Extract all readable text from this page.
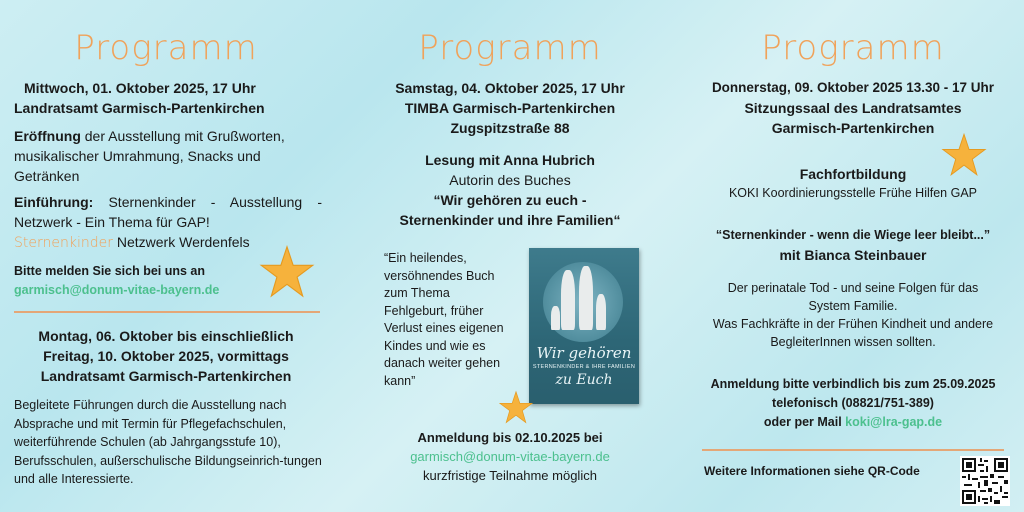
Programm

Mittwoch, 01. Oktober 2025, 17 Uhr

Landratsamt Garmisch-Partenkirchen

Eröffnung der Ausstellung mit Grußworten, musikalischer Umrahmung, Snacks und Getränken

Einführung: Sternenkinder - Ausstellung - Netzwerk - Ein Thema für GAP!

Sternenkinder Netzwerk Werdenfels

Bitte melden Sie sich bei uns an

garmisch@donum-vitae-bayern.de

Montag, 06. Oktober bis einschließlich

Freitag, 10. Oktober 2025, vormittags

Landratsamt Garmisch-Partenkirchen

Begleitete Führungen durch die Ausstellung nach Absprache und mit Termin für Pflegefachschulen, weiterführende Schulen (ab Jahrgangsstufe 10), Berufsschulen, außerschulische Bildungseinrich-tungen und alle Interessierte.

Programm

Samstag, 04. Oktober 2025, 17 Uhr

TIMBA Garmisch-Partenkirchen

Zugspitzstraße 88

Lesung mit Anna Hubrich

Autorin des Buches

“Wir gehören zu euch -

Sternenkinder und ihre Familien“

“Ein heilendes, versöhnendes Buch zum Thema Fehlgeburt, früher Verlust eines eigenen Kindes und wie es danach weiter gehen kann”

Wir gehören
STERNENKINDER & IHRE FAMILIEN
zu Euch

Anmeldung bis 02.10.2025 bei

garmisch@donum-vitae-bayern.de

kurzfristige Teilnahme möglich

Programm

Donnerstag, 09. Oktober 2025 13.30 - 17 Uhr

Sitzungssaal des Landratsamtes

Garmisch-Partenkirchen

Fachfortbildung

KOKI Koordinierungsstelle Frühe Hilfen GAP

“Sternenkinder - wenn die Wiege leer bleibt...”

mit Bianca Steinbauer

Der perinatale Tod - und seine Folgen für das System Familie.

Was Fachkräfte in der Frühen Kindheit und andere BegleiterInnen wissen sollten.

Anmeldung bitte verbindlich bis zum 25.09.2025

telefonisch (08821/751-389)

oder per Mail koki@lra-gap.de

Weitere Informationen siehe QR-Code
